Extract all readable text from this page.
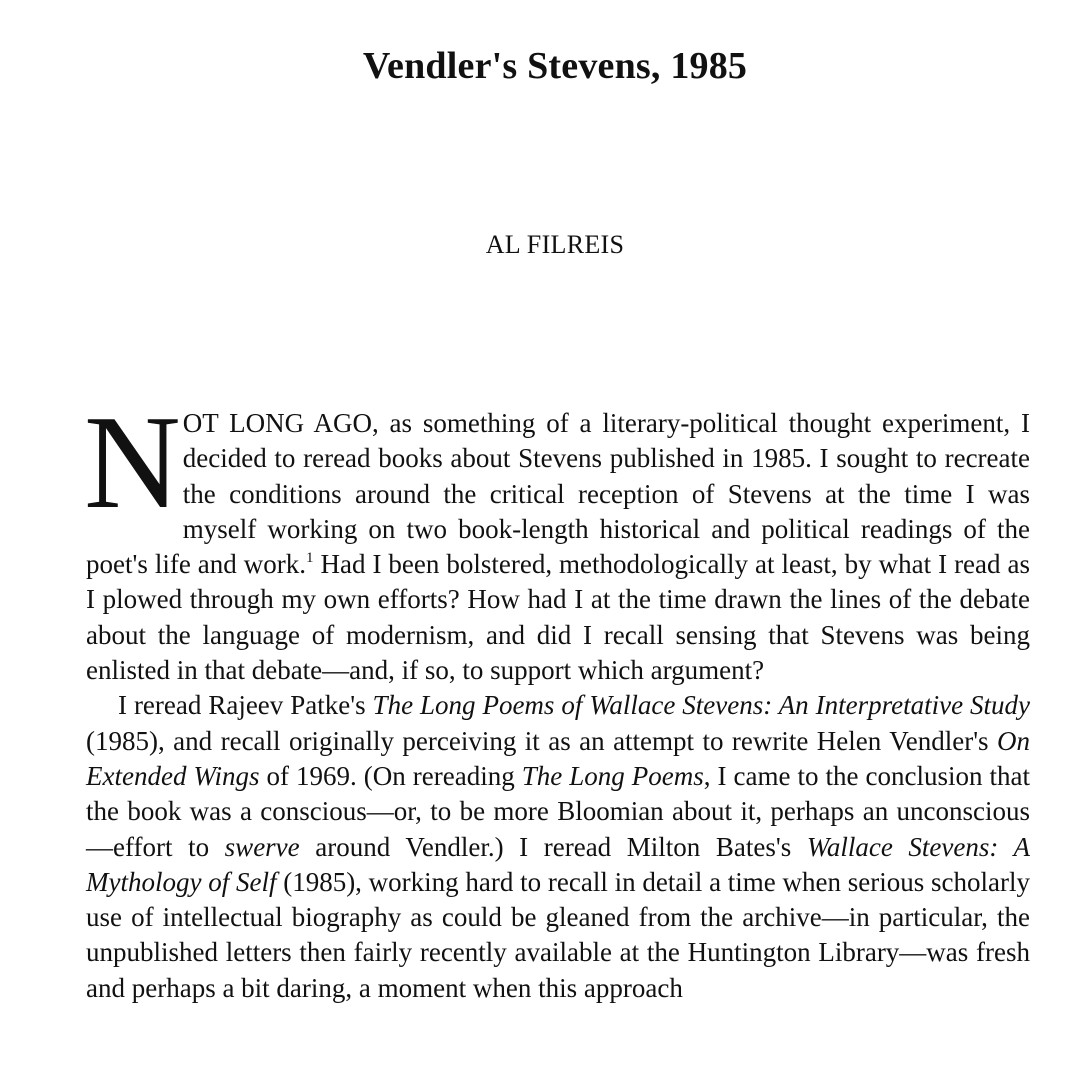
Vendler's Stevens, 1985
AL FILREIS

NOT LONG AGO, as something of a literary-political thought experiment, I decided to reread books about Stevens published in 1985. I sought to recreate the conditions around the critical reception of Stevens at the time I was myself working on two book-length historical and political readings of the poet's life and work.$^1$ Had I been bolstered, methodologically at least, by what I read as I plowed through my own efforts? How had I at the time drawn the lines of the debate about the language of modernism, and did I recall sensing that Stevens was being enlisted in that debate—and, if so, to support which argument?

I reread Rajeev Patke's The Long Poems of Wallace Stevens: An Interpretative Study (1985), and recall originally perceiving it as an attempt to rewrite Helen Vendler's On Extended Wings of 1969. (On rereading The Long Poems, I came to the conclusion that the book was a conscious—or, to be more Bloomian about it, perhaps an unconscious—effort to swerve around Vendler.) I reread Milton Bates's Wallace Stevens: A Mythology of Self (1985), working hard to recall in detail a time when serious scholarly use of intellectual biography as could be gleaned from the archive—in particular, the unpublished letters then fairly recently available at the Huntington Library—was fresh and perhaps a bit daring, a moment when this approach
